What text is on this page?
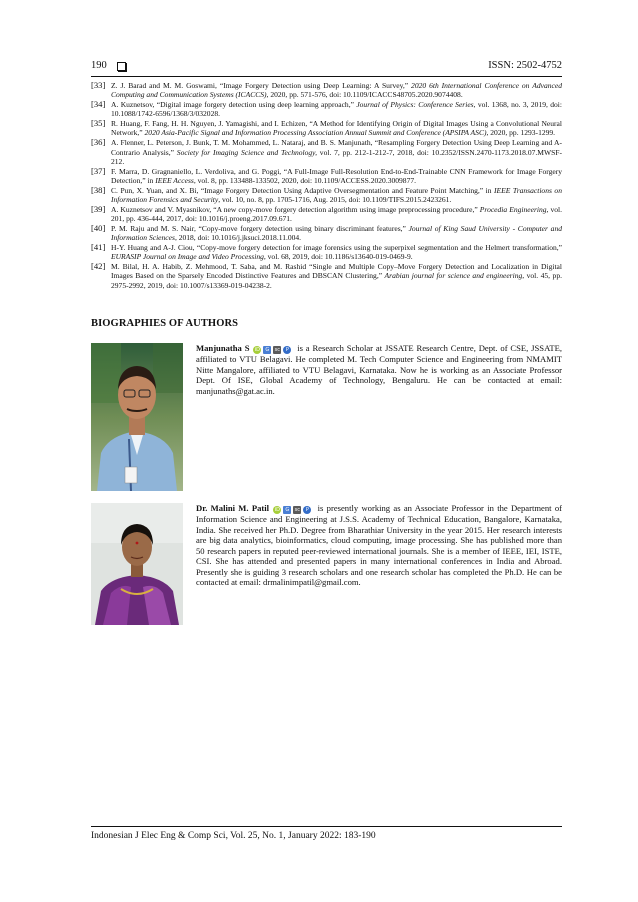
190	ISSN: 2502-4752
[33] Z. J. Barad and M. M. Goswami, “Image Forgery Detection using Deep Learning: A Survey,” 2020 6th International Conference on Advanced Computing and Communication Systems (ICACCS), 2020, pp. 571-576, doi: 10.1109/ICACCS48705.2020.9074408.
[34] A. Kuznetsov, “Digital image forgery detection using deep learning approach,” Journal of Physics: Conference Series, vol. 1368, no. 3, 2019, doi: 10.1088/1742-6596/1368/3/032028.
[35] R. Huang, F. Fang, H. H. Nguyen, J. Yamagishi, and I. Echizen, “A Method for Identifying Origin of Digital Images Using a Convolutional Neural Network,” 2020 Asia-Pacific Signal and Information Processing Association Annual Summit and Conference (APSIPA ASC), 2020, pp. 1293-1299.
[36] A. Flenner, L. Peterson, J. Bunk, T. M. Mohammed, L. Nataraj, and B. S. Manjunath, “Resampling Forgery Detection Using Deep Learning and A-Contrario Analysis,” Society for Imaging Science and Technology, vol. 7, pp. 212-1-212-7, 2018, doi: 10.2352/ISSN.2470-1173.2018.07.MWSF-212.
[37] F. Marra, D. Gragnaniello, L. Verdoliva, and G. Poggi, “A Full-Image Full-Resolution End-to-End-Trainable CNN Framework for Image Forgery Detection,” in IEEE Access, vol. 8, pp. 133488-133502, 2020, doi: 10.1109/ACCESS.2020.3009877.
[38] C. Pun, X. Yuan, and X. Bi, “Image Forgery Detection Using Adaptive Oversegmentation and Feature Point Matching,” in IEEE Transactions on Information Forensics and Security, vol. 10, no. 8, pp. 1705-1716, Aug. 2015, doi: 10.1109/TIFS.2015.2423261.
[39] A. Kuznetsov and V. Myasnikov, “A new copy-move forgery detection algorithm using image preprocessing procedure,” Procedia Engineering, vol. 201, pp. 436-444, 2017, doi: 10.1016/j.proeng.2017.09.671.
[40] P. M. Raju and M. S. Nair, “Copy-move forgery detection using binary discriminant features,” Journal of King Saud University - Computer and Information Sciences, 2018, doi: 10.1016/j.jksuci.2018.11.004.
[41] H-Y. Huang and A-J. Ciou, “Copy-move forgery detection for image forensics using the superpixel segmentation and the Helmert transformation,” EURASIP Journal on Image and Video Processing, vol. 68, 2019, doi: 10.1186/s13640-019-0469-9.
[42] M. Bilal, H. A. Habib, Z. Mehmood, T. Saba, and M. Rashid “Single and Multiple Copy–Move Forgery Detection and Localization in Digital Images Based on the Sparsely Encoded Distinctive Features and DBSCAN Clustering,” Arabian journal for science and engineering, vol. 45, pp. 2975-2992, 2019, doi: 10.1007/s13369-019-04238-2.
BIOGRAPHIES OF AUTHORS
Manjunatha S iD G sc P is a Research Scholar at JSSATE Research Centre, Dept. of CSE, JSSATE, affiliated to VTU Belagavi. He completed M. Tech Computer Science and Engineering from NMAMIT Nitte Mangalore, affiliated to VTU Belagavi, Karnataka. Now he is working as an Associate Professor Dept. Of ISE, Global Academy of Technology, Bengaluru. He can be contacted at email: manjunaths@gat.ac.in.
Dr. Malini M. Patil iD G sc P is presently working as an Associate Professor in the Department of Information Science and Engineering at J.S.S. Academy of Technical Education, Bangalore, Karnataka, India. She received her Ph.D. Degree from Bharathiar University in the year 2015. Her research interests are big data analytics, bioinformatics, cloud computing, image processing. She has published more than 50 research papers in reputed peer-reviewed international journals. She is a member of IEEE, IEI, ISTE, CSI. She has attended and presented papers in many international conferences in India and Abroad. Presently she is guiding 3 research scholars and one research scholar has completed the Ph.D. He can be contacted at email: drmalinimpatil@gmail.com.
Indonesian J Elec Eng & Comp Sci, Vol. 25, No. 1, January 2022: 183-190
